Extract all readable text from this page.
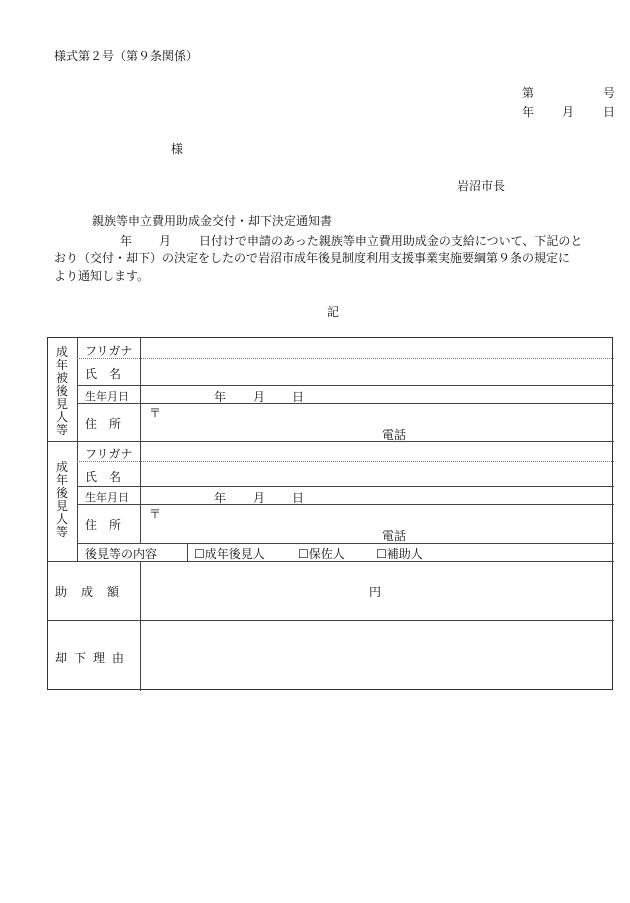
様式第２号（第９条関係）
第	号
年 月 日
様
岩沼市長
親族等申立費用助成金交付・却下決定通知書
年 月 日付けで申請のあった親族等申立費用助成金の支給について、下記のと
おり（交付・却下）の決定をしたので岩沼市成年後見制度利用支援事業実施要綱第９条の規定に
より通知します。
記
成年被後見人等
フリガナ
氏　名
生年月日	年 月 日
住　所
〒
電話
成年後見人等
フリガナ
氏　名
生年月日	年 月 日
住　所
〒
電話
後見等の内容	☐成年後見人	☐保佐人	☐補助人
助成額	円
却下理由
